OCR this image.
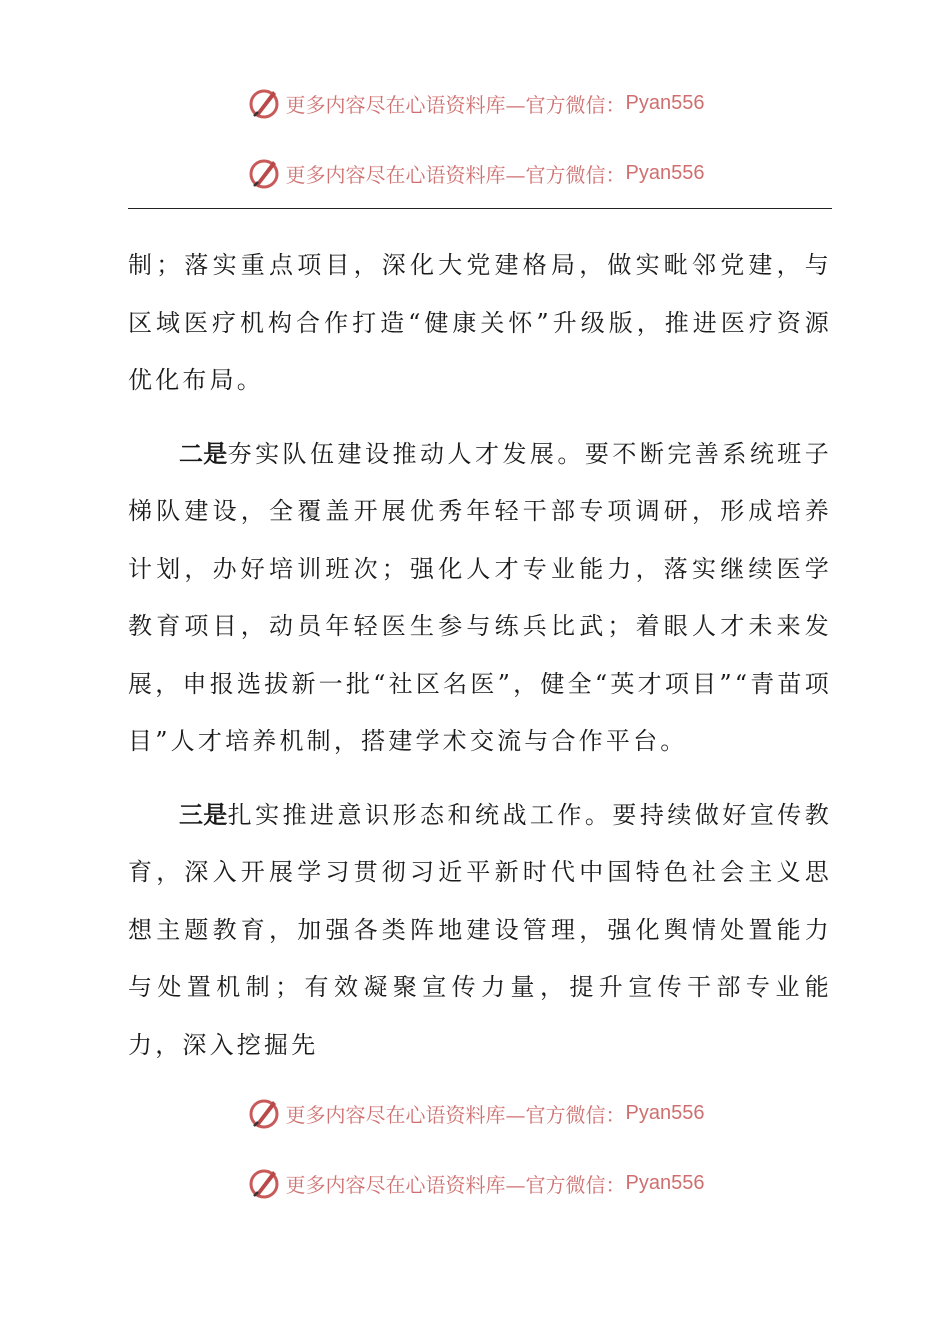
更多内容尽在心语资料库—官方微信： Pyan556
更多内容尽在心语资料库—官方微信： Pyan556

制；落实重点项目，深化大党建格局，做实毗邻党建，与区域医疗机构合作打造“健康关怀”升级版，推进医疗资源优化布局。

二是夯实队伍建设推动人才发展。要不断完善系统班子梯队建设，全覆盖开展优秀年轻干部专项调研，形成培养计划，办好培训班次；强化人才专业能力，落实继续医学教育项目，动员年轻医生参与练兵比武；着眼人才未来发展，申报选拔新一批“社区名医”，健全“英才项目”“青苗项目”人才培养机制，搭建学术交流与合作平台。

三是扎实推进意识形态和统战工作。要持续做好宣传教育，深入开展学习贯彻习近平新时代中国特色社会主义思想主题教育，加强各类阵地建设管理，强化舆情处置能力与处置机制；有效凝聚宣传力量，提升宣传干部专业能力，深入挖掘先

更多内容尽在心语资料库—官方微信： Pyan556
更多内容尽在心语资料库—官方微信： Pyan556
